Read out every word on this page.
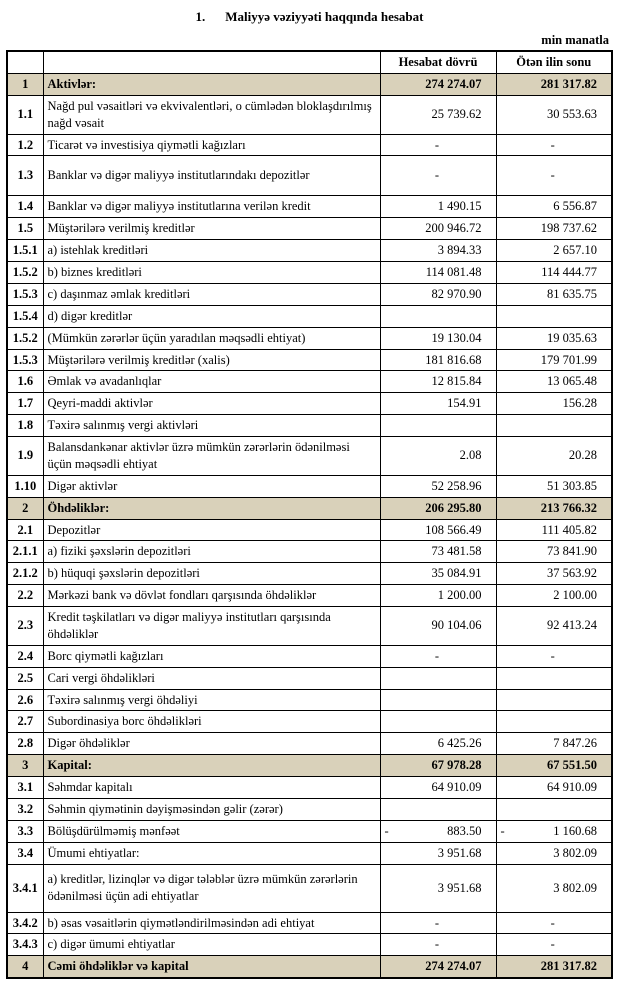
1. Maliyyə vəziyyəti haqqında hesabat
min manatla
		Hesabat dövrü	Ötən ilin sonu
1	Aktivlər:	274 274.07	281 317.82
1.1	Nağd pul vəsaitləri və ekvivalentləri, o cümlədən bloklaşdırılmış nağd vəsait	25 739.62	30 553.63
1.2	Ticarət və investisiya qiymətli kağızları	-	-
1.3	Banklar və digər maliyyə institutlarındakı depozitlər	-	-
1.4	Banklar və digər maliyyə institutlarına verilən kredit	1 490.15	6 556.87
1.5	Müştərilərə verilmiş kreditlər	200 946.72	198 737.62
1.5.1	a) istehlak kreditləri	3 894.33	2 657.10
1.5.2	b) biznes kreditləri	114 081.48	114 444.77
1.5.3	c) daşınmaz əmlak kreditləri	82 970.90	81 635.75
1.5.4	d) digər kreditlər		
1.5.2	(Mümkün zərərlər üçün yaradılan məqsədli ehtiyat)	19 130.04	19 035.63
1.5.3	Müştərilərə verilmiş kreditlər (xalis)	181 816.68	179 701.99
1.6	Əmlak və avadanlıqlar	12 815.84	13 065.48
1.7	Qeyri-maddi aktivlər	154.91	156.28
1.8	Təxirə salınmış vergi aktivləri		
1.9	Balansdankənar aktivlər üzrə mümkün zərərlərin ödənilməsi üçün məqsədli ehtiyat	2.08	20.28
1.10	Digər aktivlər	52 258.96	51 303.85
2	Öhdəliklər:	206 295.80	213 766.32
2.1	Depozitlər	108 566.49	111 405.82
2.1.1	a) fiziki şəxslərin depozitləri	73 481.58	73 841.90
2.1.2	b) hüquqi şəxslərin depozitləri	35 084.91	37 563.92
2.2	Mərkəzi bank və dövlət fondları qarşısında öhdəliklər	1 200.00	2 100.00
2.3	Kredit təşkilatları və digər maliyyə institutları qarşısında öhdəliklər	90 104.06	92 413.24
2.4	Borc qiymətli kağızları	-	-
2.5	Cari vergi öhdəlikləri		
2.6	Təxirə salınmış vergi öhdəliyi		
2.7	Subordinasiya borc öhdəlikləri		
2.8	Digər öhdəliklər	6 425.26	7 847.26
3	Kapital:	67 978.28	67 551.50
3.1	Səhmdar kapitalı	64 910.09	64 910.09
3.2	Səhmin qiymətinin dəyişməsindən gəlir (zərər)		
3.3	Bölüşdürülməmiş mənfəət	- 883.50	- 1 160.68
3.4	Ümumi ehtiyatlar:	3 951.68	3 802.09
3.4.1	a) kreditlər, lizinqlər və digər tələblər üzrə mümkün zərərlərin ödənilməsi üçün adi ehtiyatlar	3 951.68	3 802.09
3.4.2	b) əsas vəsaitlərin qiymətləndirilməsindən adi ehtiyat	-	-
3.4.3	c) digər ümumi ehtiyatlar	-	-
4	Cəmi öhdəliklər və kapital	274 274.07	281 317.82
